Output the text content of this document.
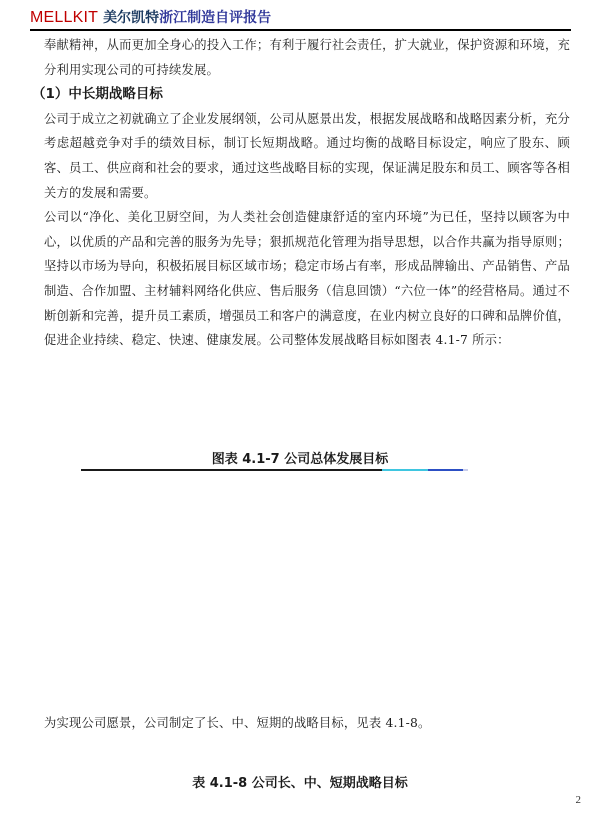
MELLKIT 美尔凯特浙江制造自评报告

奉献精神，从而更加全身心的投入工作；有利于履行社会责任，扩大就业，保护资源和环境，充分利用实现公司的可持续发展。

（1）中长期战略目标

公司于成立之初就确立了企业发展纲领，公司从愿景出发，根据发展战略和战略因素分析，充分考虑超越竞争对手的绩效目标，制订长短期战略。通过均衡的战略目标设定，响应了股东、顾客、员工、供应商和社会的要求，通过这些战略目标的实现，保证满足股东和员工、顾客等各相关方的发展和需要。

公司以“净化、美化卫厨空间，为人类社会创造健康舒适的室内环境”为已任，坚持以顾客为中心，以优质的产品和完善的服务为先导；狠抓规范化管理为指导思想，以合作共赢为指导原则；坚持以市场为导向，积极拓展目标区域市场；稳定市场占有率，形成品牌输出、产品销售、产品制造、合作加盟、主材辅料网络化供应、售后服务（信息回馈）“六位一体”的经营格局。通过不断创新和完善，提升员工素质，增强员工和客户的满意度，在业内树立良好的口碑和品牌价值，促进企业持续、稳定、快速、健康发展。公司整体发展战略目标如图表 4.1-7 所示：

图表 4.1-7 公司总体发展目标

为实现公司愿景，公司制定了长、中、短期的战略目标，见表 4.1-8。

表 4.1-8 公司长、中、短期战略目标
2
